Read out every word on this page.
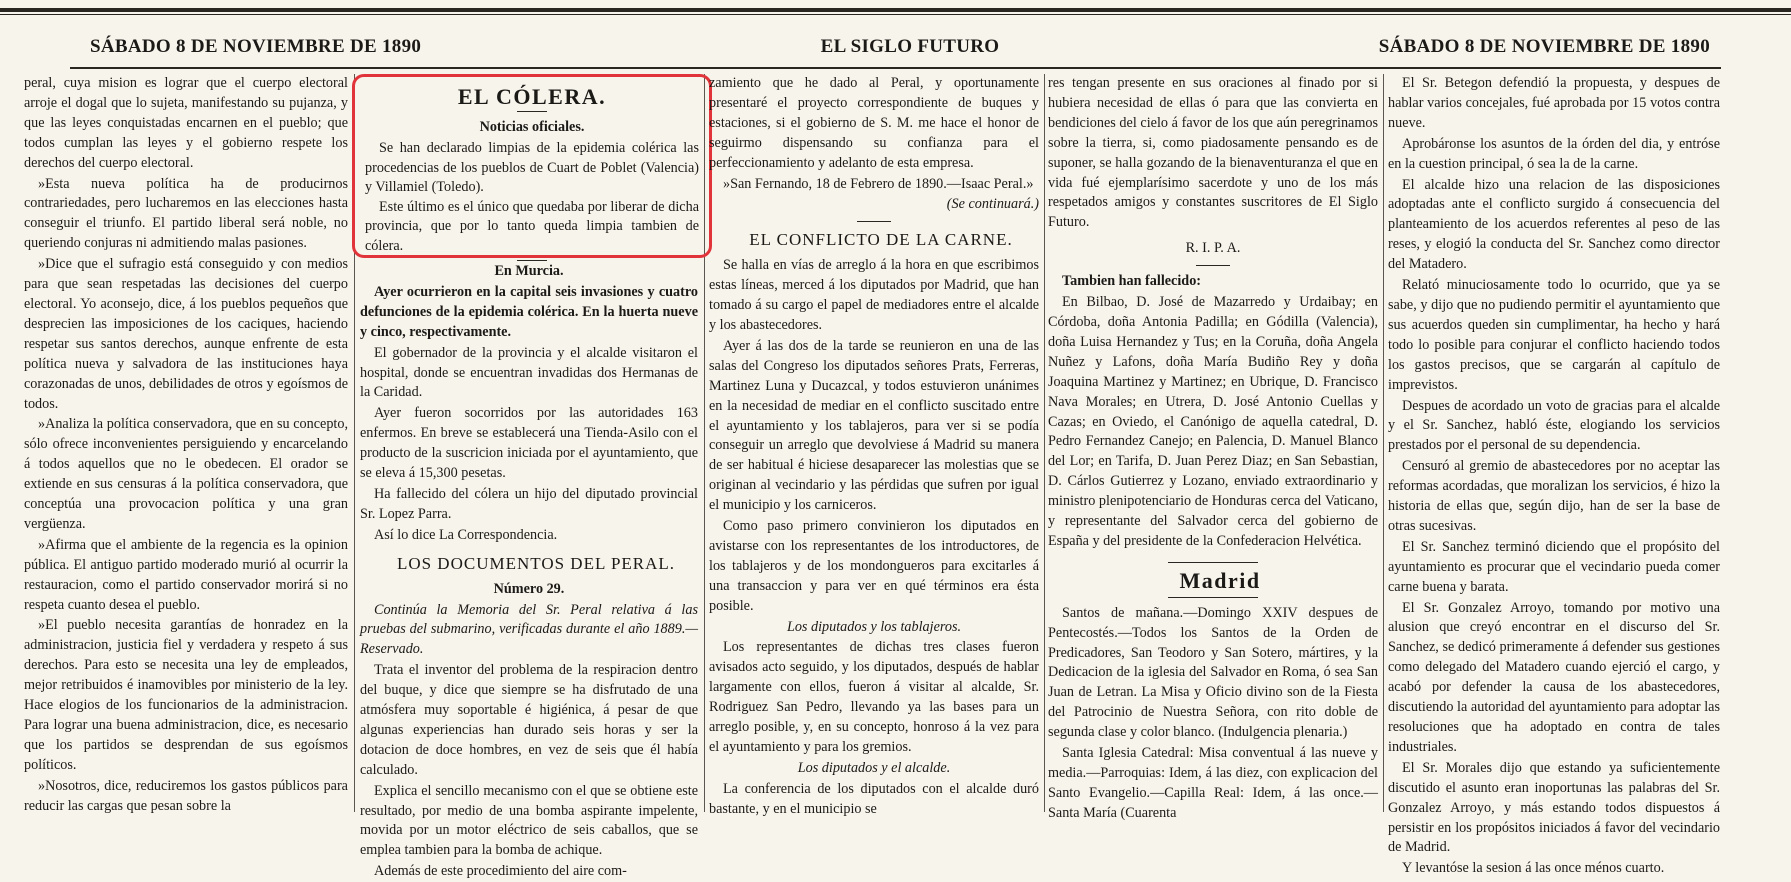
SÁBADO 8 DE NOVIEMBRE DE 1890	EL SIGLO FUTURO	SÁBADO 8 DE NOVIEMBRE DE 1890

peral, cuya mision es lograr que el cuerpo electoral arroje el dogal que lo sujeta, manifestando su pujanza, y que las leyes conquistadas encarnen en el pueblo; que todos cumplan las leyes y el gobierno respete los derechos del cuerpo electoral.

»Esta nueva política ha de producirnos contrariedades, pero lucharemos en las elecciones hasta conseguir el triunfo. El partido liberal será noble, no queriendo conjuras ni admitiendo malas pasiones.

»Dice que el sufragio está conseguido y con medios para que sean respetadas las decisiones del cuerpo electoral. Yo aconsejo, dice, á los pueblos pequeños que desprecien las imposiciones de los caciques, haciendo respetar sus santos derechos, aunque enfrente de esta política nueva y salvadora de las instituciones haya corazonadas de unos, debilidades de otros y egoísmos de todos.

»Analiza la política conservadora, que en su concepto, sólo ofrece inconvenientes persiguiendo y encarcelando á todos aquellos que no le obedecen. El orador se extiende en sus censuras á la política conservadora, que conceptúa una provocacion política y una gran vergüenza.

»Afirma que el ambiente de la regencia es la opinion pública. El antiguo partido moderado murió al ocurrir la restauracion, como el partido conservador morirá si no respeta cuanto desea el pueblo.

»El pueblo necesita garantías de honradez en la administracion, justicia fiel y verdadera y respeto á sus derechos. Para esto se necesita una ley de empleados, mejor retribuidos é inamovibles por ministerio de la ley. Hace elogios de los funcionarios de la administracion. Para lograr una buena administracion, dice, es necesario que los partidos se desprendan de sus egoísmos políticos.

»Nosotros, dice, reduciremos los gastos públicos para reducir las cargas que pesan sobre la

En Murcia.

Ayer ocurrieron en la capital seis invasiones y cuatro defunciones de la epidemia colérica. En la huerta nueve y cinco, respectivamente.

El gobernador de la provincia y el alcalde visitaron el hospital, donde se encuentran invadidas dos Hermanas de la Caridad.

Ayer fueron socorridos por las autoridades 163 enfermos. En breve se establecerá una Tienda-Asilo con el producto de la suscricion iniciada por el ayuntamiento, que se eleva á 15,300 pesetas.

Ha fallecido del cólera un hijo del diputado provincial Sr. Lopez Parra.

Así lo dice La Correspondencia.

LOS DOCUMENTOS DEL PERAL.

Número 29.

Continúa la Memoria del Sr. Peral relativa á las pruebas del submarino, verificadas durante el año 1889.—Reservado.

Trata el inventor del problema de la respiracion dentro del buque, y dice que siempre se ha disfrutado de una atmósfera muy soportable é higiénica, á pesar de que algunas experiencias han durado seis horas y ser la dotacion de doce hombres, en vez de seis que él había calculado.

Explica el sencillo mecanismo con el que se obtiene este resultado, por medio de una bomba aspirante impelente, movida por un motor eléctrico de seis caballos, que se emplea tambien para la bomba de achique.

Además de este procedimiento del aire com-

EL CÓLERA.
Noticias oficiales.

Se han declarado limpias de la epidemia colérica las procedencias de los pueblos de Cuart de Poblet (Valencia) y Villamiel (Toledo).

Este último es el único que quedaba por liberar de dicha provincia, que por lo tanto queda limpia tambien de cólera.

zamiento que he dado al Peral, y oportunamente presentaré el proyecto correspondiente de buques y estaciones, si el gobierno de S. M. me hace el honor de seguirmo dispensando su confianza para el perfeccionamiento y adelanto de esta empresa.

»San Fernando, 18 de Febrero de 1890.—Isaac Peral.»

(Se continuará.)

EL CONFLICTO DE LA CARNE.

Se halla en vías de arreglo á la hora en que escribimos estas líneas, merced á los diputados por Madrid, que han tomado á su cargo el papel de mediadores entre el alcalde y los abastecedores.

Ayer á las dos de la tarde se reunieron en una de las salas del Congreso los diputados señores Prats, Ferreras, Martinez Luna y Ducazcal, y todos estuvieron unánimes en la necesidad de mediar en el conflicto suscitado entre el ayuntamiento y los tablajeros, para ver si se podía conseguir un arreglo que devolviese á Madrid su manera de ser habitual é hiciese desaparecer las molestias que se originan al vecindario y las pérdidas que sufren por igual el municipio y los carniceros.

Como paso primero convinieron los diputados en avistarse con los representantes de los introductores, de los tablajeros y de los mondongueros para excitarles á una transaccion y para ver en qué términos era ésta posible.

Los diputados y los tablajeros.

Los representantes de dichas tres clases fueron avisados acto seguido, y los diputados, después de hablar largamente con ellos, fueron á visitar al alcalde, Sr. Rodriguez San Pedro, llevando ya las bases para un arreglo posible, y, en su concepto, honroso á la vez para el ayuntamiento y para los gremios.

Los diputados y el alcalde.

La conferencia de los diputados con el alcalde duró bastante, y en el municipio se

res tengan presente en sus oraciones al finado por si hubiera necesidad de ellas ó para que las convierta en bendiciones del cielo á favor de los que aún peregrinamos sobre la tierra, si, como piadosamente pensando es de suponer, se halla gozando de la bienaventuranza el que en vida fué ejemplarísimo sacerdote y uno de los más respetados amigos y constantes suscritores de El Siglo Futuro.

R. I. P. A.

Tambien han fallecido:

En Bilbao, D. José de Mazarredo y Urdaibay; en Córdoba, doña Antonia Padilla; en Gódilla (Valencia), doña Luisa Hernandez y Tus; en la Coruña, doña Angela Nuñez y Lafons, doña María Budiño Rey y doña Joaquina Martinez y Martinez; en Ubrique, D. Francisco Nava Morales; en Utrera, D. José Antonio Cuellas y Cazas; en Oviedo, el Canónigo de aquella catedral, D. Pedro Fernandez Canejo; en Palencia, D. Manuel Blanco del Lor; en Tarifa, D. Juan Perez Diaz; en San Sebastian, D. Cárlos Gutierrez y Lozano, enviado extraordinario y ministro plenipotenciario de Honduras cerca del Vaticano, y representante del Salvador cerca del gobierno de España y del presidente de la Confederacion Helvética.

Madrid

Santos de mañana.—Domingo XXIV despues de Pentecostés.—Todos los Santos de la Orden de Predicadores, San Teodoro y San Sotero, mártires, y la Dedicacion de la iglesia del Salvador en Roma, ó sea San Juan de Letran. La Misa y Oficio divino son de la Fiesta del Patrocinio de Nuestra Señora, con rito doble de segunda clase y color blanco. (Indulgencia plenaria.)

Santa Iglesia Catedral: Misa conventual á las nueve y media.—Parroquias: Idem, á las diez, con explicacion del Santo Evangelio.—Capilla Real: Idem, á las once.—Santa María (Cuarenta

El Sr. Betegon defendió la propuesta, y despues de hablar varios concejales, fué aprobada por 15 votos contra nueve.

Aprobáronse los asuntos de la órden del dia, y entróse en la cuestion principal, ó sea la de la carne.

El alcalde hizo una relacion de las disposiciones adoptadas ante el conflicto surgido á consecuencia del planteamiento de los acuerdos referentes al peso de las reses, y elogió la conducta del Sr. Sanchez como director del Matadero.

Relató minuciosamente todo lo ocurrido, que ya se sabe, y dijo que no pudiendo permitir el ayuntamiento que sus acuerdos queden sin cumplimentar, ha hecho y hará todo lo posible para conjurar el conflicto haciendo todos los gastos precisos, que se cargarán al capítulo de imprevistos.

Despues de acordado un voto de gracias para el alcalde y el Sr. Sanchez, habló éste, elogiando los servicios prestados por el personal de su dependencia.

Censuró al gremio de abastecedores por no aceptar las reformas acordadas, que moralizan los servicios, é hizo la historia de ellas que, según dijo, han de ser la base de otras sucesivas.

El Sr. Sanchez terminó diciendo que el propósito del ayuntamiento es procurar que el vecindario pueda comer carne buena y barata.

El Sr. Gonzalez Arroyo, tomando por motivo una alusion que creyó encontrar en el discurso del Sr. Sanchez, se dedicó primeramente á defender sus gestiones como delegado del Matadero cuando ejerció el cargo, y acabó por defender la causa de los abastecedores, discutiendo la autoridad del ayuntamiento para adoptar las resoluciones que ha adoptado en contra de tales industriales.

El Sr. Morales dijo que estando ya suficientemente discutido el asunto eran inoportunas las palabras del Sr. Gonzalez Arroyo, y más estando todos dispuestos á persistir en los propósitos iniciados á favor del vecindario de Madrid.

Y levantóse la sesion á las once ménos cuarto.
